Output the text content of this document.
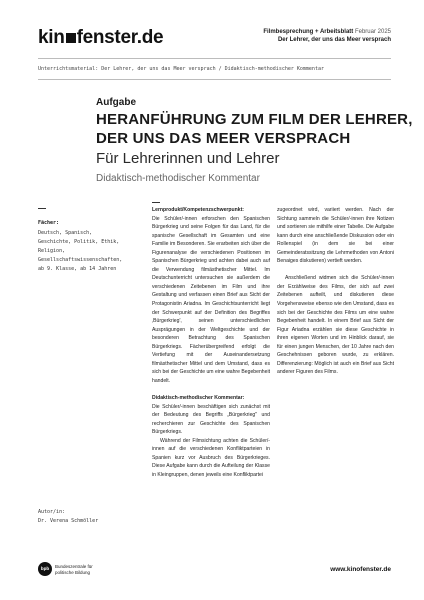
kin fenster.de	Filmbesprechung + Arbeitsblatt Februar 2025
Der Lehrer, der uns das Meer versprach
Unterrichtsmaterial: Der Lehrer, der uns das Meer versprach / Didaktisch-methodischer Kommentar
Aufgabe
HERANFÜHRUNG ZUM FILM DER LEHRER,
DER UNS DAS MEER VERSPRACH
Für Lehrerinnen und Lehrer
Didaktisch-methodischer Kommentar
Fächer:
Deutsch, Spanisch, Geschichte, Politik, Ethik, Religion, Gesellschaftswissenschaften, ab 9. Klasse, ab 14 Jahren
Autor/in:
Dr. Verena Schmöller
Lernprodukt/Kompetenzschwerpunkt:
Die Schüler/-innen erforschen den Spanischen Bürgerkrieg und seine Folgen für das Land, für die spanische Gesellschaft im Gesamten und eine Familie im Besonderen. Sie erarbeiten sich über die Figurenanalyse die verschiedenen Positionen im Spanischen Bürgerkrieg und achten dabei auch auf die Verwendung filmästhetischer Mittel. Im Deutschunterricht untersuchen sie außerdem die verschiedenen Zeitebenen im Film und ihre Gestaltung und verfassen einen Brief aus Sicht der Protagonistin Ariadna. Im Geschichtsunterricht liegt der Schwerpunkt auf der Definition des Begriffes ‚Bürgerkrieg', seinen unterschiedlichen Ausprägungen in der Weltgeschichte und der besonderen Betrachtung des Spanischen Bürgerkriegs. Fächerübergreifend erfolgt die Vertiefung mit der Auseinandersetzung filmästhetischer Mittel und dem Umstand, dass es sich bei der Geschichte um eine wahre Begebenheit handelt.
Didaktisch-methodischer Kommentar:
Die Schüler/-innen beschäftigen sich zunächst mit der Bedeutung des Begriffs „Bürgerkrieg" und recherchieren zur Geschichte des Spanischen Bürgerkriegs.
Während der Filmsichtung achten die Schüler/-innen auf die verschiedenen Konfliktparteien in Spanien kurz vor Ausbruch des Bürgerkrieges. Diese Aufgabe kann durch die Aufteilung der Klasse in Kleingruppen, denen jeweils eine Konfliktpartei
zugeordnet wird, variiert werden. Nach der Sichtung sammeln die Schüler/-innen ihre Notizen und sortieren sie mithilfe einer Tabelle. Die Aufgabe kann durch eine anschließende Diskussion oder ein Rollenspiel (in dem sie bei einer Gemeinderatssitzung die Lehrmethoden von Antoni Benaiges diskutieren) vertieft werden.
Anschließend widmen sich die Schüler/-innen der Erzählweise des Films, der sich auf zwei Zeitebenen aufteilt, und diskutieren diese Vorgehensweise ebenso wie den Umstand, dass es sich bei der Geschichte des Films um eine wahre Begebenheit handelt. In einem Brief aus Sicht der Figur Ariadna erzählen sie diese Geschichte in ihren eigenen Worten und im Hinblick darauf, sie für einen jungen Menschen, der 10 Jahre nach den Geschehnissen geboren wurde, zu erklären. Differenzierung: Möglich ist auch ein Brief aus Sicht anderer Figuren des Films.
bpb	Bundeszentrale für
politische Bildung	www.kinofenster.de
